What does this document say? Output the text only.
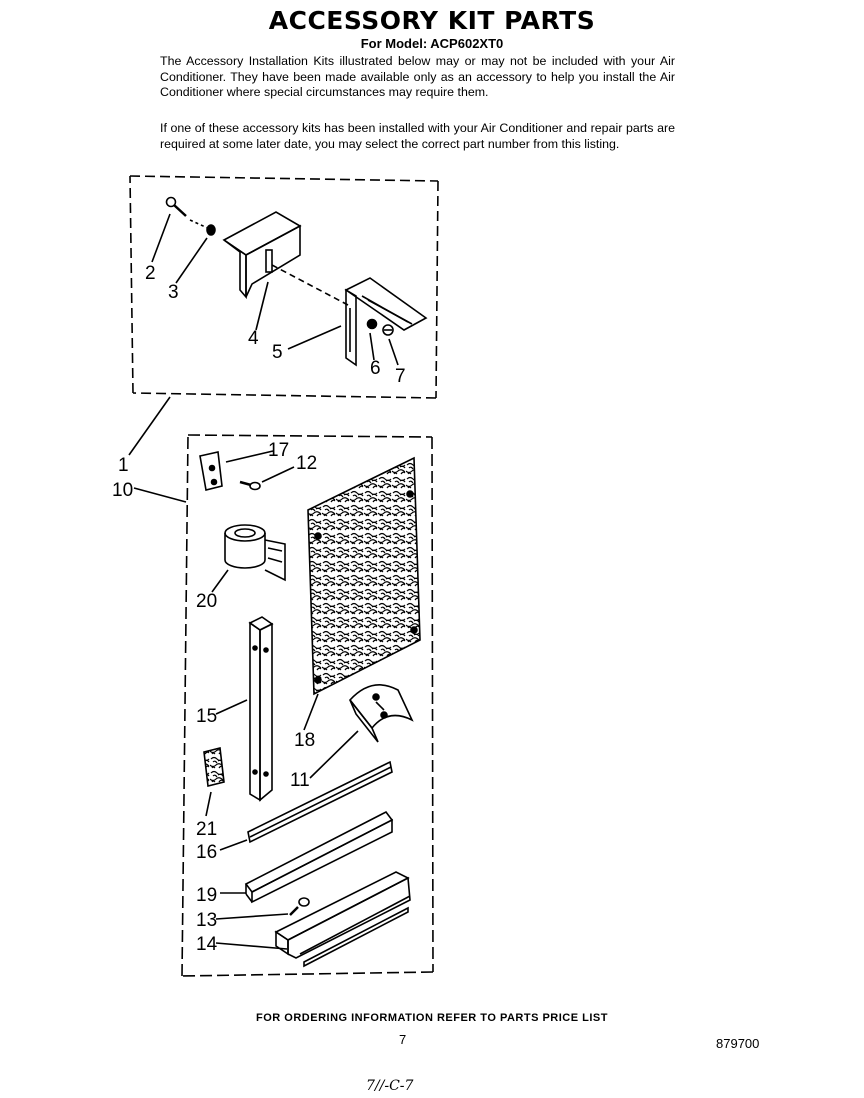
ACCESSORY KIT PARTS
For Model: ACP602XT0
The Accessory Installation Kits illustrated below may or may not be included with your Air Conditioner. They have been made available only as an accessory to help you install the Air Conditioner where special circumstances may require them.
If one of these accessory kits has been installed with your Air Conditioner and repair parts are required at some later date, you may select the correct part number from this listing.
1
2
3
4
5
6 7
10
17
12
20
15
18
11
21
16
19
13
14
FOR ORDERING INFORMATION REFER TO PARTS PRICE LIST
7	879700
7//-C-7
